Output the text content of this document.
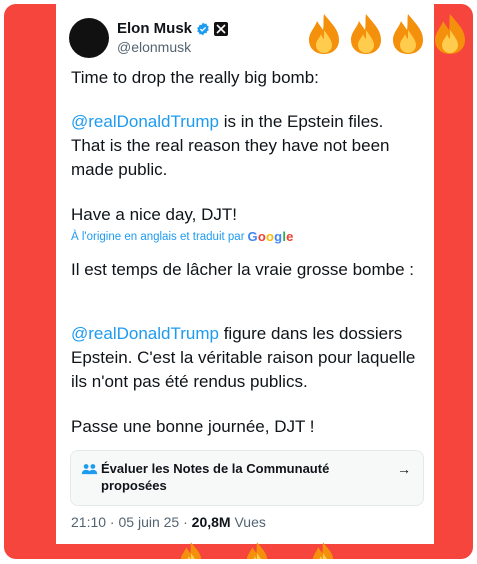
Elon Musk
@elonmusk
Time to drop the really big bomb:
@realDonaldTrump is in the Epstein files. That is the real reason they have not been made public.
Have a nice day, DJT!
À l'origine en anglais et traduit par Google
Il est temps de lâcher la vraie grosse bombe :
@realDonaldTrump figure dans les dossiers Epstein. C'est la véritable raison pour laquelle ils n'ont pas été rendus publics.
Passe une bonne journée, DJT !
Évaluer les Notes de la Communauté proposées
→
21:10 · 05 juin 25 · 20,8M Vues
